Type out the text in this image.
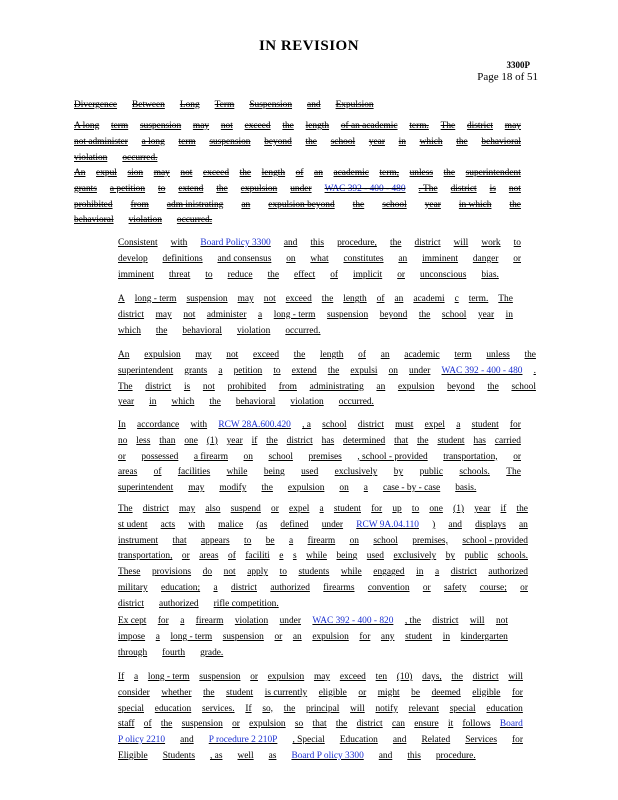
IN REVISION
3300P
Page 18 of 51
Divergence Between Long Term Suspension and Expulsion
A long term suspension may not exceed the length of an academic term. The district may
not administer a long term suspension beyond the school year in which the behavioral
violation occurred.
An expul sion may not exceed the length of an academic term, unless the superintendent
grants a petition to extend the expulsion under WAC 392 - 400 - 480 . The district is not
prohibited from adm inistrating an expulsion beyond the school year in which the
behavioral violation occurred.
Consistent with Board Policy 3300 and this procedure, the district will work to
develop definitions and consensus on what constitutes an imminent danger or
imminent threat to reduce the effect of implicit or unconscious bias.
A long - term suspension may not exceed the length of an academi c term. The
district may not administer a long - term suspension beyond the school year in
which the behavioral violation occurred.
An expulsion may not exceed the length of an academic term unless the
superintendent grants a petition to extend the expulsi on under WAC 392 - 400 - 480 .
The district is not prohibited from administrating an expulsion beyond the school
year in which the behavioral violation occurred.
In accordance with RCW 28A.600.420 , a school district must expel a student for
no less than one (1) year if the district has determined that the student has carried
or possessed a firearm on school premises , school - provided transportation, or
areas of facilities while being used exclusively by public schools. The
superintendent may modify the expulsion on a case - by - case basis.
The district may also suspend or expel a student for up to one (1) year if the
st udent acts with malice (as defined under RCW 9A.04.110 ) and displays an
instrument that appears to be a firearm on school premises, school - provided
transportation, or areas of faciliti e s while being used exclusively by public schools.
These provisions do not apply to students while engaged in a district authorized
military education; a district authorized firearms convention or safety course; or
district authorized rifle competition.
Ex cept for a firearm violation under WAC 392 - 400 - 820 , the district will not
impose a long - term suspension or an expulsion for any student in kindergarten
through fourth grade.
If a long - term suspension or expulsion may exceed ten (10) days, the district will
consider whether the student is currently eligible or might be deemed eligible for
special education services. If so, the principal will notify relevant special education
staff of the suspension or expulsion so that the district can ensure it follows Board
P olicy 2210 and P rocedure 2 210P , Special Education and Related Services for
Eligible Students , as well as Board P olicy 3300 and this procedure.
